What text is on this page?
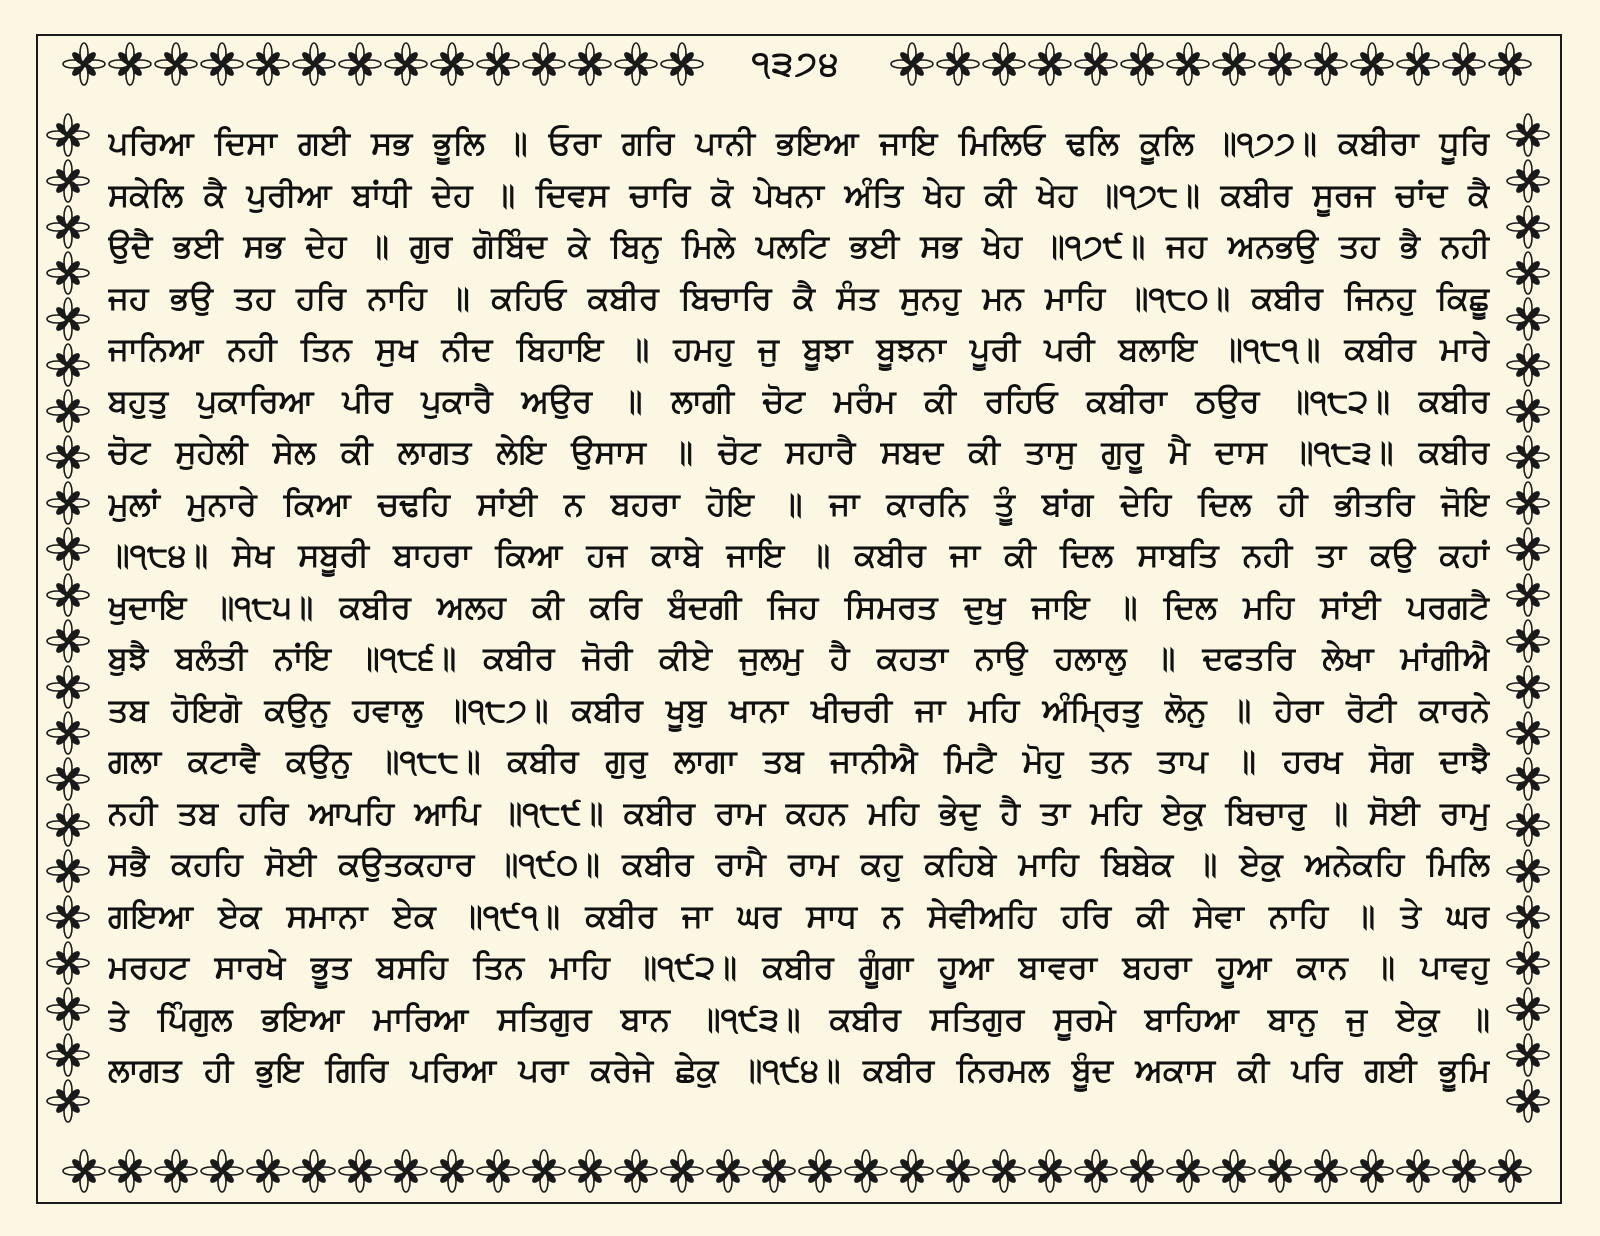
੧੩੭੪
ਪਰਿਆ ਦਿਸਾ ਗਈ ਸਭ ਭੂਲਿ ॥ ਓਰਾ ਗਰਿ ਪਾਨੀ ਭਇਆ ਜਾਇ ਮਿਲਿਓ ਢਲਿ ਕੂਲਿ ॥੧੭੭॥ ਕਬੀਰਾ ਧੂਰਿ
ਸਕੇਲਿ ਕੈ ਪੁਰੀਆ ਬਾਂਧੀ ਦੇਹ ॥ ਦਿਵਸ ਚਾਰਿ ਕੋ ਪੇਖਨਾ ਅੰਤਿ ਖੇਹ ਕੀ ਖੇਹ ॥੧੭੮॥ ਕਬੀਰ ਸੂਰਜ ਚਾਂਦ ਕੈ
ਉਦੈ ਭਈ ਸਭ ਦੇਹ ॥ ਗੁਰ ਗੋਬਿੰਦ ਕੇ ਬਿਨੁ ਮਿਲੇ ਪਲਟਿ ਭਈ ਸਭ ਖੇਹ ॥੧੭੯॥ ਜਹ ਅਨਭਉ ਤਹ ਭੈ ਨਹੀ
ਜਹ ਭਉ ਤਹ ਹਰਿ ਨਾਹਿ ॥ ਕਹਿਓ ਕਬੀਰ ਬਿਚਾਰਿ ਕੈ ਸੰਤ ਸੁਨਹੁ ਮਨ ਮਾਹਿ ॥੧੮੦॥ ਕਬੀਰ ਜਿਨਹੁ ਕਿਛੂ
ਜਾਨਿਆ ਨਹੀ ਤਿਨ ਸੁਖ ਨੀਦ ਬਿਹਾਇ ॥ ਹਮਹੁ ਜੁ ਬੂਝਾ ਬੂਝਨਾ ਪੂਰੀ ਪਰੀ ਬਲਾਇ ॥੧੮੧॥ ਕਬੀਰ ਮਾਰੇ
ਬਹੁਤੁ ਪੁਕਾਰਿਆ ਪੀਰ ਪੁਕਾਰੈ ਅਉਰ ॥ ਲਾਗੀ ਚੋਟ ਮਰੰਮ ਕੀ ਰਹਿਓ ਕਬੀਰਾ ਠਉਰ ॥੧੮੨॥ ਕਬੀਰ
ਚੋਟ ਸੁਹੇਲੀ ਸੇਲ ਕੀ ਲਾਗਤ ਲੇਇ ਉਸਾਸ ॥ ਚੋਟ ਸਹਾਰੈ ਸਬਦ ਕੀ ਤਾਸੁ ਗੁਰੂ ਮੈ ਦਾਸ ॥੧੮੩॥ ਕਬੀਰ
ਮੁਲਾਂ ਮੁਨਾਰੇ ਕਿਆ ਚਢਹਿ ਸਾਂਈ ਨ ਬਹਰਾ ਹੋਇ ॥ ਜਾ ਕਾਰਨਿ ਤੂੰ ਬਾਂਗ ਦੇਹਿ ਦਿਲ ਹੀ ਭੀਤਰਿ ਜੋਇ
॥੧੮੪॥ ਸੇਖ ਸਬੂਰੀ ਬਾਹਰਾ ਕਿਆ ਹਜ ਕਾਬੇ ਜਾਇ ॥ ਕਬੀਰ ਜਾ ਕੀ ਦਿਲ ਸਾਬਤਿ ਨਹੀ ਤਾ ਕਉ ਕਹਾਂ
ਖੁਦਾਇ ॥੧੮੫॥ ਕਬੀਰ ਅਲਹ ਕੀ ਕਰਿ ਬੰਦਗੀ ਜਿਹ ਸਿਮਰਤ ਦੁਖੁ ਜਾਇ ॥ ਦਿਲ ਮਹਿ ਸਾਂਈ ਪਰਗਟੈ
ਬੁਝੈ ਬਲੰਤੀ ਨਾਂਇ ॥੧੮੬॥ ਕਬੀਰ ਜੋਰੀ ਕੀਏ ਜੁਲਮੁ ਹੈ ਕਹਤਾ ਨਾਉ ਹਲਾਲੁ ॥ ਦਫਤਰਿ ਲੇਖਾ ਮਾਂਗੀਐ
ਤਬ ਹੋਇਗੋ ਕਉਨੁ ਹਵਾਲੁ ॥੧੮੭॥ ਕਬੀਰ ਖੂਬੁ ਖਾਨਾ ਖੀਚਰੀ ਜਾ ਮਹਿ ਅੰਮ੍ਰਿਤੁ ਲੋਨੁ ॥ ਹੇਰਾ ਰੋਟੀ ਕਾਰਨੇ
ਗਲਾ ਕਟਾਵੈ ਕਉਨੁ ॥੧੮੮॥ ਕਬੀਰ ਗੁਰੁ ਲਾਗਾ ਤਬ ਜਾਨੀਐ ਮਿਟੈ ਮੋਹੁ ਤਨ ਤਾਪ ॥ ਹਰਖ ਸੋਗ ਦਾਝੈ
ਨਹੀ ਤਬ ਹਰਿ ਆਪਹਿ ਆਪਿ ॥੧੮੯॥ ਕਬੀਰ ਰਾਮ ਕਹਨ ਮਹਿ ਭੇਦੁ ਹੈ ਤਾ ਮਹਿ ਏਕੁ ਬਿਚਾਰੁ ॥ ਸੋਈ ਰਾਮੁ
ਸਭੈ ਕਹਹਿ ਸੋਈ ਕਉਤਕਹਾਰ ॥੧੯੦॥ ਕਬੀਰ ਰਾਮੈ ਰਾਮ ਕਹੁ ਕਹਿਬੇ ਮਾਹਿ ਬਿਬੇਕ ॥ ਏਕੁ ਅਨੇਕਹਿ ਮਿਲਿ
ਗਇਆ ਏਕ ਸਮਾਨਾ ਏਕ ॥੧੯੧॥ ਕਬੀਰ ਜਾ ਘਰ ਸਾਧ ਨ ਸੇਵੀਅਹਿ ਹਰਿ ਕੀ ਸੇਵਾ ਨਾਹਿ ॥ ਤੇ ਘਰ
ਮਰਹਟ ਸਾਰਖੇ ਭੂਤ ਬਸਹਿ ਤਿਨ ਮਾਹਿ ॥੧੯੨॥ ਕਬੀਰ ਗੂੰਗਾ ਹੂਆ ਬਾਵਰਾ ਬਹਰਾ ਹੂਆ ਕਾਨ ॥ ਪਾਵਹੁ
ਤੇ ਪਿੰਗੁਲ ਭਇਆ ਮਾਰਿਆ ਸਤਿਗੁਰ ਬਾਨ ॥੧੯੩॥ ਕਬੀਰ ਸਤਿਗੁਰ ਸੂਰਮੇ ਬਾਹਿਆ ਬਾਨੁ ਜੁ ਏਕੁ ॥
ਲਾਗਤ ਹੀ ਭੁਇ ਗਿਰਿ ਪਰਿਆ ਪਰਾ ਕਰੇਜੇ ਛੇਕੁ ॥੧੯੪॥ ਕਬੀਰ ਨਿਰਮਲ ਬੂੰਦ ਅਕਾਸ ਕੀ ਪਰਿ ਗਈ ਭੂਮਿ
